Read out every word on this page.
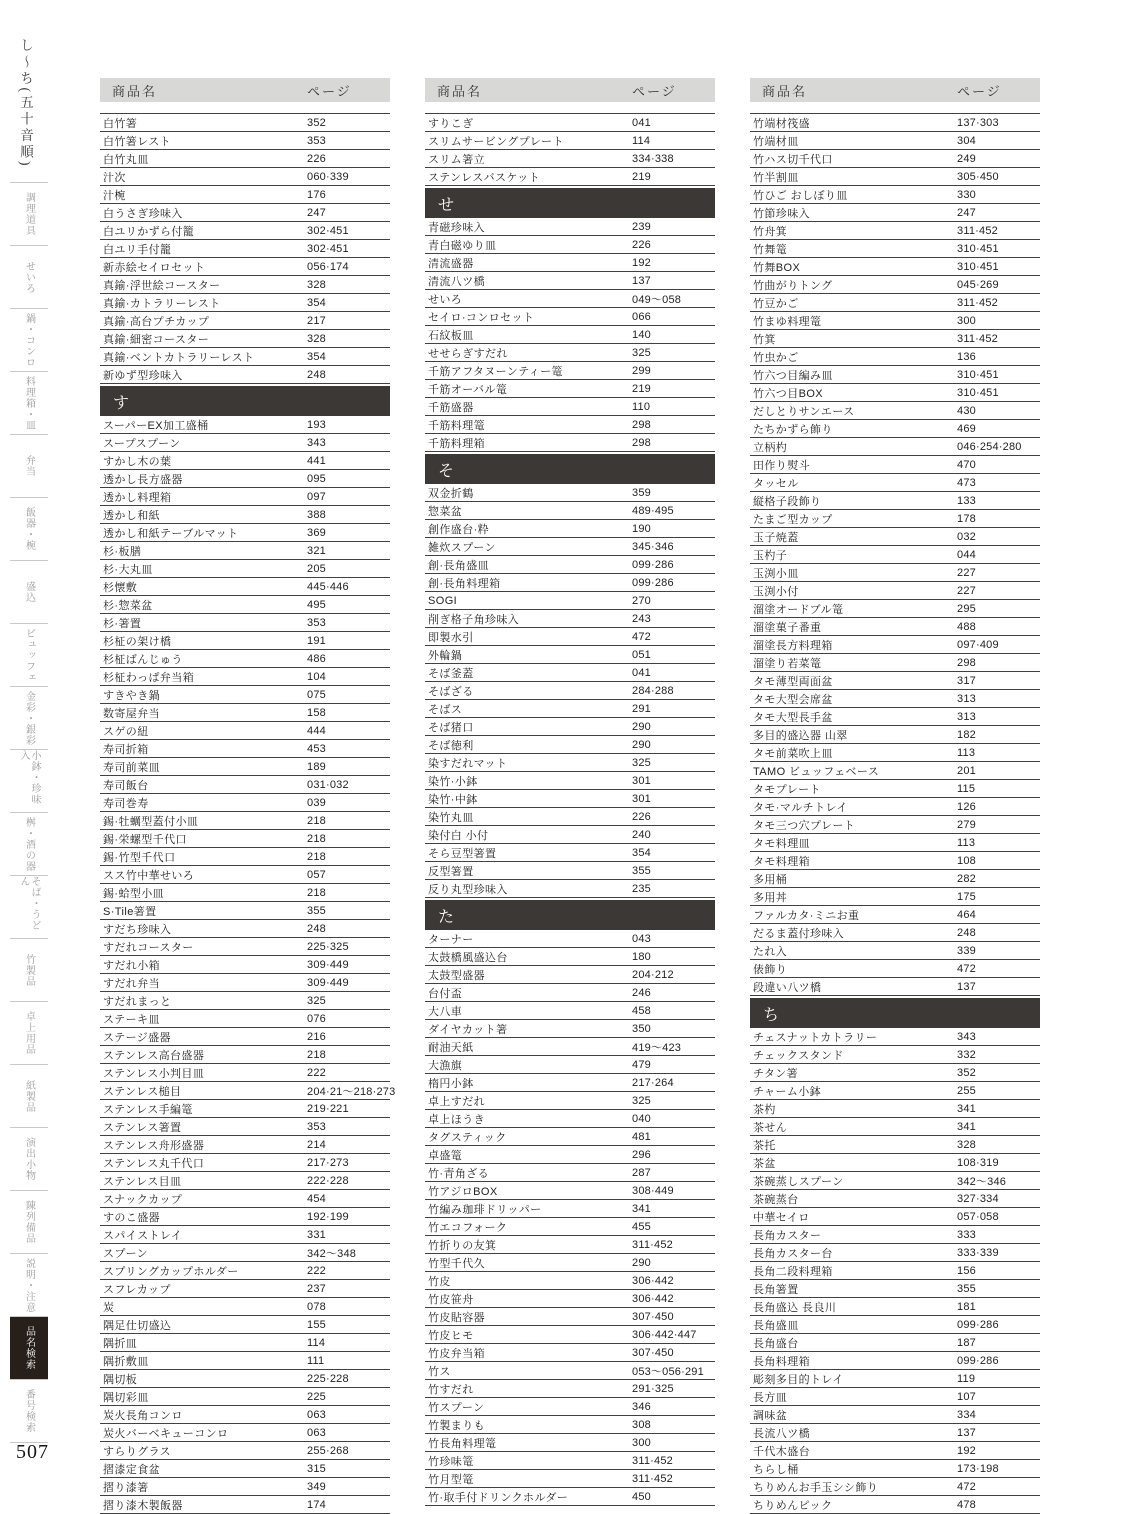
し〜ち(五十音順)
調理道具
せいろ
鍋・コンロ
料理箱・皿
弁当
飯器・椀
盛込
ビュッフェ
金彩・銀彩
小鉢・珍味入
桝・酒の器
そば・うどん
竹製品
卓上用品
紙製品
演出小物
陳列備品
説明・注意
品名検索
番号検索
507
商品名	ページ
白竹箸	352
白竹箸レスト	353
白竹丸皿	226
汁次	060·339
汁椀	176
白うさぎ珍味入	247
白ユリかずら付籠	302·451
白ユリ手付籠	302·451
新赤絵セイロセット	056·174
真鍮·浮世絵コースター	328
真鍮·カトラリーレスト	354
真鍮·高台プチカップ	217
真鍮·細密コースター	328
真鍮·ベントカトラリーレスト	354
新ゆず型珍味入	248
す
スーパーEX加工盛桶	193
スープスプーン	343
すかし木の葉	441
透かし長方盛器	095
透かし料理箱	097
透かし和紙	388
透かし和紙テーブルマット	369
杉·板膳	321
杉·大丸皿	205
杉懐敷	445·446
杉·惣菜盆	495
杉·箸置	353
杉柾の架け橋	191
杉柾ばんじゅう	486
杉柾わっぱ弁当箱	104
すきやき鍋	075
数寄屋弁当	158
スゲの紐	444
寿司折箱	453
寿司前菜皿	189
寿司飯台	031·032
寿司巻寿	039
錫·牡蠣型蓋付小皿	218
錫·栄螺型千代口	218
錫·竹型千代口	218
スス竹中華せいろ	057
錫·蛤型小皿	218
S·Tile箸置	355
すだち珍味入	248
すだれコースター	225·325
すだれ小箱	309·449
すだれ弁当	309·449
すだれまっと	325
ステーキ皿	076
ステージ盛器	216
ステンレス高台盛器	218
ステンレス小判目皿	222
ステンレス槌目	204·21〜218·273
ステンレス手編篭	219·221
ステンレス箸置	353
ステンレス舟形盛器	214
ステンレス丸千代口	217·273
ステンレス目皿	222·228
スナックカップ	454
すのこ盛器	192·199
スパイストレイ	331
スプーン	342〜348
スプリングカップホルダー	222
スフレカップ	237
炭	078
隅足仕切盛込	155
隅折皿	114
隅折敷皿	111
隅切板	225·228
隅切彩皿	225
炭火長角コンロ	063
炭火バーベキューコンロ	063
すらりグラス	255·268
摺漆定食盆	315
摺り漆箸	349
摺り漆木製飯器	174
商品名	ページ
すりこぎ	041
スリムサービングプレート	114
スリム箸立	334·338
ステンレスバスケット	219
せ
青磁珍味入	239
青白磁ゆり皿	226
清流盛器	192
清流八ツ橋	137
せいろ	049〜058
セイロ·コンロセット	066
石紋板皿	140
せせらぎすだれ	325
千筋アフタヌーンティー篭	299
千筋オーバル篭	219
千筋盛器	110
千筋料理篭	298
千筋料理箱	298
そ
双金折鶴	359
惣菜盆	489·495
創作盛台·粋	190
雑炊スプーン	345·346
創·長角盛皿	099·286
創·長角料理箱	099·286
SOGI	270
削ぎ格子角珍味入	243
即製水引	472
外輪鍋	051
そば釜蓋	041
そばざる	284·288
そばス	291
そば猪口	290
そば徳利	290
染すだれマット	325
染竹·小鉢	301
染竹·中鉢	301
染竹丸皿	226
染付白 小付	240
そら豆型箸置	354
反型箸置	355
反り丸型珍味入	235
た
ターナー	043
太鼓橋風盛込台	180
太鼓型盛器	204·212
台付盃	246
大八車	458
ダイヤカット箸	350
耐油天紙	419〜423
大漁旗	479
楕円小鉢	217·264
卓上すだれ	325
卓上ほうき	040
タグスティック	481
卓盛篭	296
竹·青角ざる	287
竹アジロBOX	308·449
竹編み珈琲ドリッパー	341
竹エコフォーク	455
竹折りの友箕	311·452
竹型千代久	290
竹皮	306·442
竹皮笹舟	306·442
竹皮貼容器	307·450
竹皮ヒモ	306·442·447
竹皮弁当箱	307·450
竹ス	053〜056·291
竹すだれ	291·325
竹スプーン	346
竹製まりも	308
竹長角料理篭	300
竹珍味篭	311·452
竹月型篭	311·452
竹·取手付ドリンクホルダー	450
商品名	ページ
竹端材筏盛	137·303
竹端材皿	304
竹ハス切千代口	249
竹半割皿	305·450
竹ひご おしぼり皿	330
竹節珍味入	247
竹舟箕	311·452
竹舞篭	310·451
竹舞BOX	310·451
竹曲がりトング	045·269
竹豆かご	311·452
竹まゆ料理篭	300
竹箕	311·452
竹虫かご	136
竹六つ目編み皿	310·451
竹六つ目BOX	310·451
だしとりサンエース	430
たちかずら飾り	469
立柄杓	046·254·280
田作り熨斗	470
タッセル	473
縦格子段飾り	133
たまご型カップ	178
玉子焼蓋	032
玉杓子	044
玉渕小皿	227
玉渕小付	227
溜塗オードブル篭	295
溜塗菓子番重	488
溜塗長方料理箱	097·409
溜塗り若菜篭	298
タモ薄型両面盆	317
タモ大型会席盆	313
タモ大型長手盆	313
多目的盛込器 山翠	182
タモ前菜吹上皿	113
TAMO ビュッフェベース	201
タモプレート	115
タモ·マルチトレイ	126
タモ三つ穴プレート	279
タモ料理皿	113
タモ料理箱	108
多用桶	282
多用丼	175
ファルカタ·ミニお重	464
だるま蓋付珍味入	248
たれ入	339
俵飾り	472
段違い八ツ橋	137
ち
チェスナットカトラリー	343
チェックスタンド	332
チタン箸	352
チャーム小鉢	255
茶杓	341
茶せん	341
茶托	328
茶盆	108·319
茶碗蒸しスプーン	342〜346
茶碗蒸台	327·334
中華セイロ	057·058
長角カスター	333
長角カスター台	333·339
長角二段料理箱	156
長角箸置	355
長角盛込 長良川	181
長角盛皿	099·286
長角盛台	187
長角料理箱	099·286
彫刻多目的トレイ	119
長方皿	107
調味盆	334
長流八ツ橋	137
千代木盛台	192
ちらし桶	173·198
ちりめんお手玉シシ飾り	472
ちりめんピック	478
